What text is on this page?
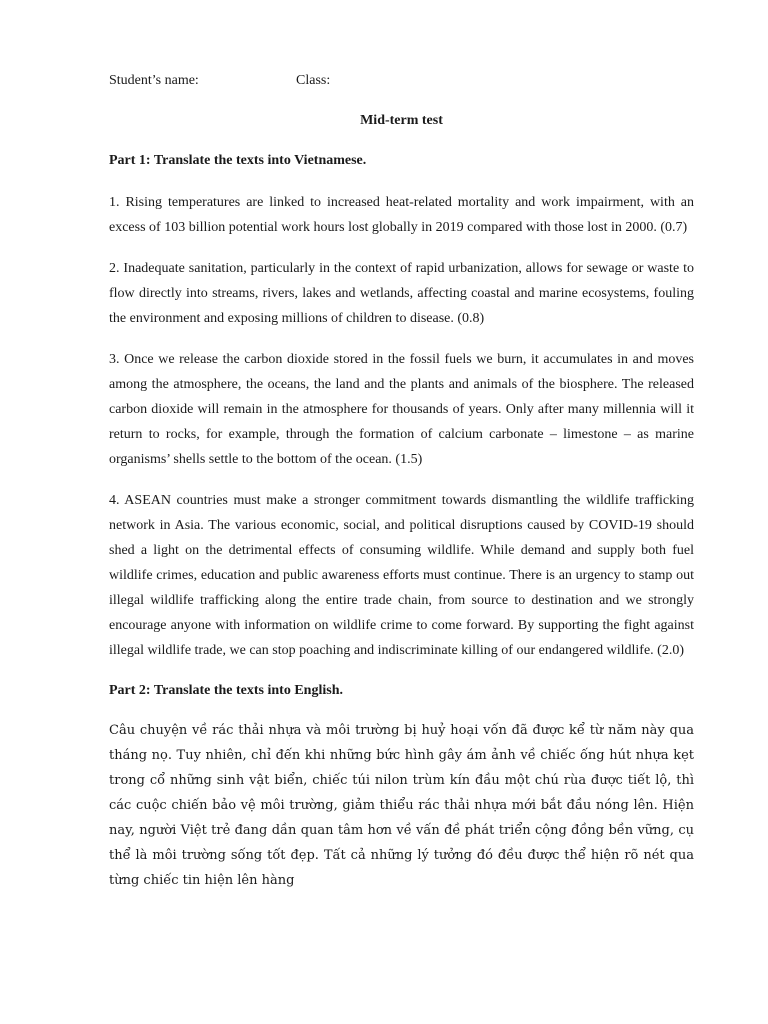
Student’s name:	Class:

Mid-term test

Part 1: Translate the texts into Vietnamese.

1. Rising temperatures are linked to increased heat-related mortality and work impairment, with an excess of 103 billion potential work hours lost globally in 2019 compared with those lost in 2000. (0.7)

2. Inadequate sanitation, particularly in the context of rapid urbanization, allows for sewage or waste to flow directly into streams, rivers, lakes and wetlands, affecting coastal and marine ecosystems, fouling the environment and exposing millions of children to disease. (0.8)

3. Once we release the carbon dioxide stored in the fossil fuels we burn, it accumulates in and moves among the atmosphere, the oceans, the land and the plants and animals of the biosphere. The released carbon dioxide will remain in the atmosphere for thousands of years. Only after many millennia will it return to rocks, for example, through the formation of calcium carbonate – limestone – as marine organisms’ shells settle to the bottom of the ocean. (1.5)

4. ASEAN countries must make a stronger commitment towards dismantling the wildlife trafficking network in Asia. The various economic, social, and political disruptions caused by COVID-19 should shed a light on the detrimental effects of consuming wildlife. While demand and supply both fuel wildlife crimes, education and public awareness efforts must continue. There is an urgency to stamp out illegal wildlife trafficking along the entire trade chain, from source to destination and we strongly encourage anyone with information on wildlife crime to come forward. By supporting the fight against illegal wildlife trade, we can stop poaching and indiscriminate killing of our endangered wildlife. (2.0)

Part 2: Translate the texts into English.

Câu chuyện về rác thải nhựa và môi trường bị huỷ hoại vốn đã được kể từ năm này qua tháng nọ. Tuy nhiên, chỉ đến khi những bức hình gây ám ảnh về chiếc ống hút nhựa kẹt trong cổ những sinh vật biển, chiếc túi nilon trùm kín đầu một chú rùa được tiết lộ, thì các cuộc chiến bảo vệ môi trường, giảm thiểu rác thải nhựa mới bắt đầu nóng lên. Hiện nay, người Việt trẻ đang dần quan tâm hơn về vấn đề phát triển cộng đồng bền vững, cụ thể là môi trường sống tốt đẹp. Tất cả những lý tưởng đó đều được thể hiện rõ nét qua từng chiếc tin hiện lên hàng
